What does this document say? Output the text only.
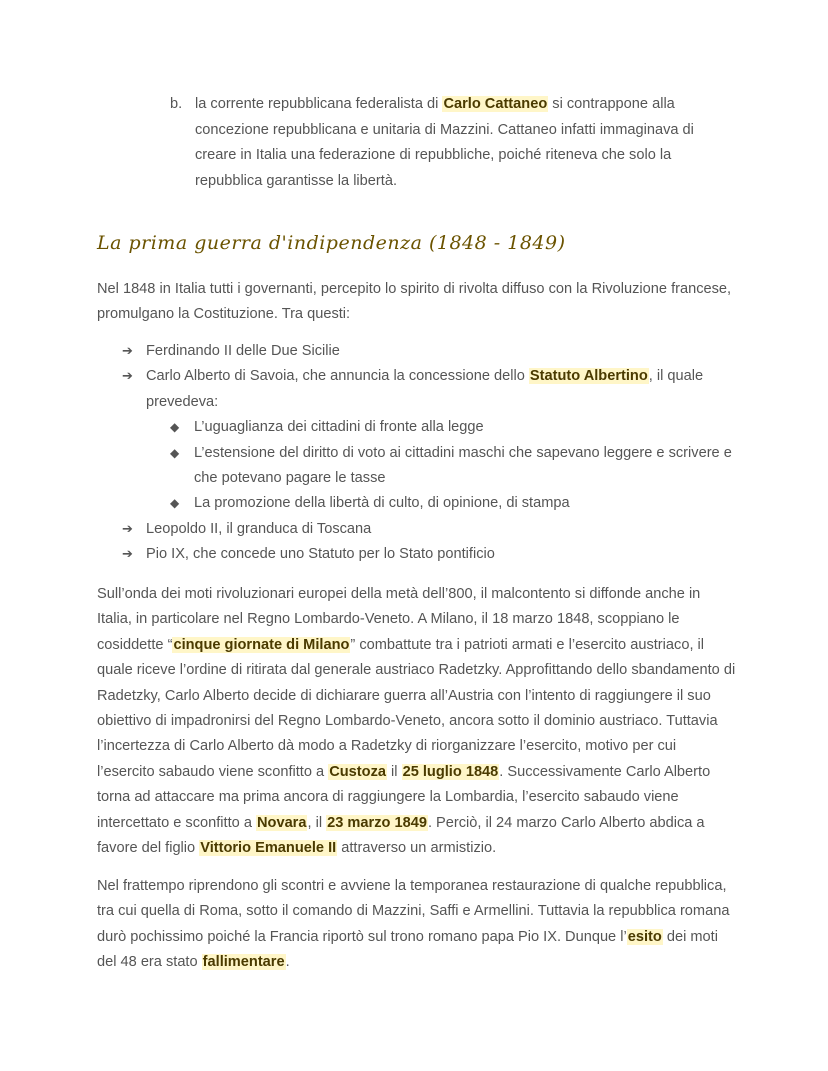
b. la corrente repubblicana federalista di Carlo Cattaneo si contrappone alla concezione repubblicana e unitaria di Mazzini. Cattaneo infatti immaginava di creare in Italia una federazione di repubbliche, poiché riteneva che solo la repubblica garantisse la libertà.
La prima guerra d'indipendenza (1848 - 1849)

Nel 1848 in Italia tutti i governanti, percepito lo spirito di rivolta diffuso con la Rivoluzione francese, promulgano la Costituzione. Tra questi:

➔ Ferdinando II delle Due Sicilie
➔ Carlo Alberto di Savoia, che annuncia la concessione dello Statuto Albertino, il quale prevedeva:
◆ L’uguaglianza dei cittadini di fronte alla legge
◆ L’estensione del diritto di voto ai cittadini maschi che sapevano leggere e scrivere e che potevano pagare le tasse
◆ La promozione della libertà di culto, di opinione, di stampa
➔ Leopoldo II, il granduca di Toscana
➔ Pio IX, che concede uno Statuto per lo Stato pontificio

Sull’onda dei moti rivoluzionari europei della metà dell’800, il malcontento si diffonde anche in Italia, in particolare nel Regno Lombardo-Veneto. A Milano, il 18 marzo 1848, scoppiano le cosiddette “cinque giornate di Milano” combattute tra i patrioti armati e l’esercito austriaco, il quale riceve l’ordine di ritirata dal generale austriaco Radetzky. Approfittando dello sbandamento di Radetzky, Carlo Alberto decide di dichiarare guerra all’Austria con l’intento di raggiungere il suo obiettivo di impadronirsi del Regno Lombardo-Veneto, ancora sotto il dominio austriaco. Tuttavia l’incertezza di Carlo Alberto dà modo a Radetzky di riorganizzare l’esercito, motivo per cui l’esercito sabaudo viene sconfitto a Custoza il 25 luglio 1848. Successivamente Carlo Alberto torna ad attaccare ma prima ancora di raggiungere la Lombardia, l’esercito sabaudo viene intercettato e sconfitto a Novara, il 23 marzo 1849. Perciò, il 24 marzo Carlo Alberto abdica a favore del figlio Vittorio Emanuele II attraverso un armistizio.

Nel frattempo riprendono gli scontri e avviene la temporanea restaurazione di qualche repubblica, tra cui quella di Roma, sotto il comando di Mazzini, Saffi e Armellini. Tuttavia la repubblica romana durò pochissimo poiché la Francia riportò sul trono romano papa Pio IX. Dunque l’esito dei moti del 48 era stato fallimentare.
